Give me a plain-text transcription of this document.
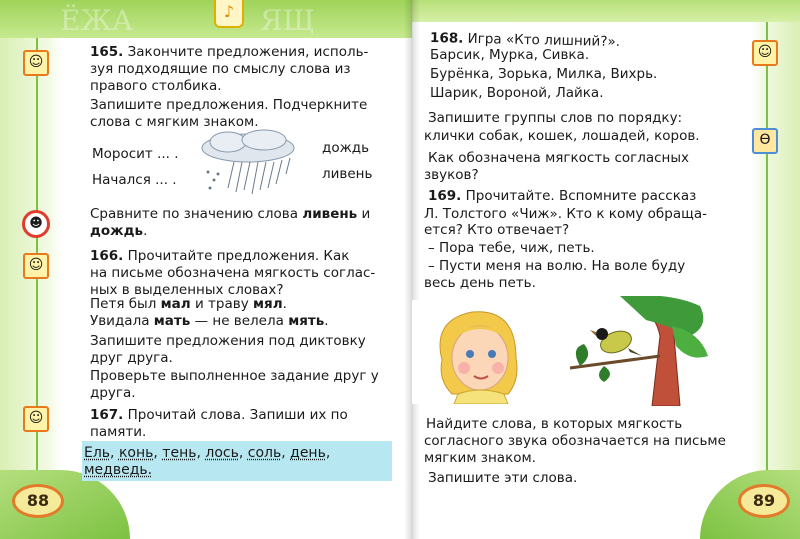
ЁЖА	ЯЩ
♪
☺
☻
☺
☺
88
165. Закончите предложения, исполь-
зуя подходящие по смыслу слова из
правого столбика.
Запишите предложения. Подчеркните
слова с мягким знаком.
Моросит ... .
Начался ... .
дождь
ливень
Сравните по значению слова ливень и
дождь.
166. Прочитайте предложения. Как
на письме обозначена мягкость соглас-
ных в выделенных словах?
Петя был мал и траву мял.
Увидала мать — не велела мять.
Запишите предложения под диктовку
друг друга.
Проверьте выполненное задание друг у
друга.
167. Прочитай слова. Запиши их по
памяти.
Ель, конь, тень, лось, соль, день,
медведь.
☺
ϴ
89
168. Игра «Кто лишний?».
Барсик, Мурка, Сивка.
Бурёнка, Зорька, Милка, Вихрь.
Шарик, Вороной, Лайка.
Запишите группы слов по порядку:
клички собак, кошек, лошадей, коров.
Как обозначена мягкость согласных
звуков?
169. Прочитайте. Вспомните рассказ
Л. Толстого «Чиж». Кто к кому обраща-
ется? Кто отвечает?
– Пора тебе, чиж, петь.
– Пусти меня на волю. На воле буду
весь день петь.
Найдите слова, в которых мягкость
согласного звука обозначается на письме
мягким знаком.
Запишите эти слова.
